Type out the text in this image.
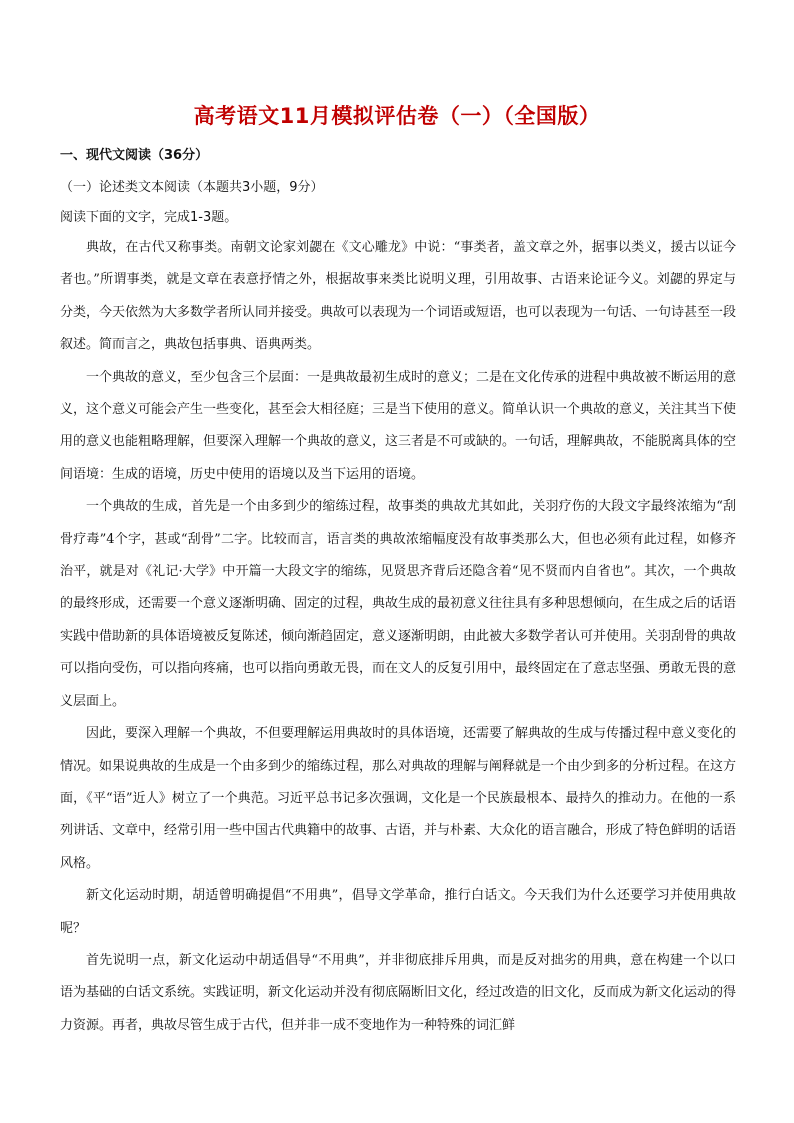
高考语文11月模拟评估卷（一）（全国版）
一、现代文阅读（36分）
（一）论述类文本阅读（本题共3小题，9分）
阅读下面的文字，完成1-3题。

典故，在古代又称事类。南朝文论家刘勰在《文心雕龙》中说：“事类者，盖文章之外，据事以类义，援古以证今者也。”所谓事类，就是文章在表意抒情之外，根据故事来类比说明义理，引用故事、古语来论证今义。刘勰的界定与分类，今天依然为大多数学者所认同并接受。典故可以表现为一个词语或短语，也可以表现为一句话、一句诗甚至一段叙述。简而言之，典故包括事典、语典两类。

一个典故的意义，至少包含三个层面：一是典故最初生成时的意义；二是在文化传承的进程中典故被不断运用的意义，这个意义可能会产生一些变化，甚至会大相径庭；三是当下使用的意义。简单认识一个典故的意义，关注其当下使用的意义也能粗略理解，但要深入理解一个典故的意义，这三者是不可或缺的。一句话，理解典故，不能脱离具体的空间语境：生成的语境，历史中使用的语境以及当下运用的语境。

一个典故的生成，首先是一个由多到少的缩练过程，故事类的典故尤其如此，关羽疗伤的大段文字最终浓缩为“刮骨疗毒”4个字，甚或“刮骨”二字。比较而言，语言类的典故浓缩幅度没有故事类那么大，但也必须有此过程，如修齐治平，就是对《礼记·大学》中开篇一大段文字的缩练，见贤思齐背后还隐含着“见不贤而内自省也”。其次，一个典故的最终形成，还需要一个意义逐渐明确、固定的过程，典故生成的最初意义往往具有多种思想倾向，在生成之后的话语实践中借助新的具体语境被反复陈述，倾向渐趋固定，意义逐渐明朗，由此被大多数学者认可并使用。关羽刮骨的典故可以指向受伤，可以指向疼痛，也可以指向勇敢无畏，而在文人的反复引用中，最终固定在了意志坚强、勇敢无畏的意义层面上。

因此，要深入理解一个典故，不但要理解运用典故时的具体语境，还需要了解典故的生成与传播过程中意义变化的情况。如果说典故的生成是一个由多到少的缩练过程，那么对典故的理解与阐释就是一个由少到多的分析过程。在这方面，《平“语”近人》树立了一个典范。习近平总书记多次强调，文化是一个民族最根本、最持久的推动力。在他的一系列讲话、文章中，经常引用一些中国古代典籍中的故事、古语，并与朴素、大众化的语言融合，形成了特色鲜明的话语风格。

新文化运动时期，胡适曾明确提倡“不用典”，倡导文学革命，推行白话文。今天我们为什么还要学习并使用典故呢？

首先说明一点，新文化运动中胡适倡导“不用典”，并非彻底排斥用典，而是反对拙劣的用典，意在构建一个以口语为基础的白话文系统。实践证明，新文化运动并没有彻底隔断旧文化，经过改造的旧文化，反而成为新文化运动的得力资源。再者，典故尽管生成于古代，但并非一成不变地作为一种特殊的词汇鲜
